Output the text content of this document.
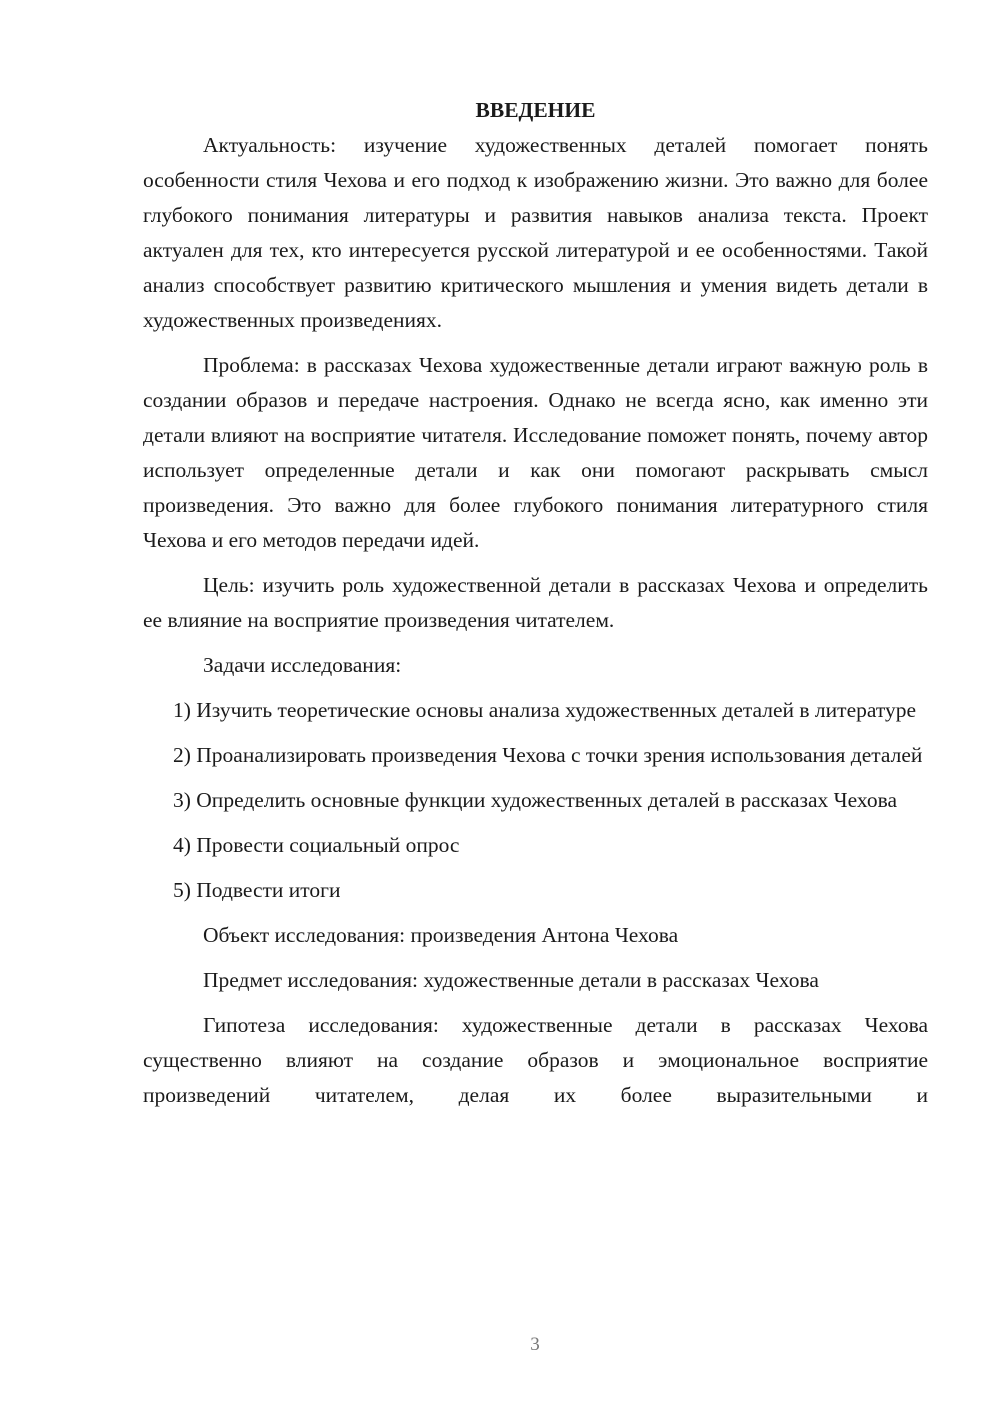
ВВЕДЕНИЕ

Актуальность: изучение художественных деталей помогает понять особенности стиля Чехова и его подход к изображению жизни. Это важно для более глубокого понимания литературы и развития навыков анализа текста. Проект актуален для тех, кто интересуется русской литературой и ее особенностями. Такой анализ способствует развитию критического мышления и умения видеть детали в художественных произведениях.

Проблема: в рассказах Чехова художественные детали играют важную роль в создании образов и передаче настроения. Однако не всегда ясно, как именно эти детали влияют на восприятие читателя. Исследование поможет понять, почему автор использует определенные детали и как они помогают раскрывать смысл произведения. Это важно для более глубокого понимания литературного стиля Чехова и его методов передачи идей.

Цель: изучить роль художественной детали в рассказах Чехова и определить ее влияние на восприятие произведения читателем.

Задачи исследования:

1) Изучить теоретические основы анализа художественных деталей в литературе

2) Проанализировать произведения Чехова с точки зрения использования деталей

3) Определить основные функции художественных деталей в рассказах Чехова

4) Провести социальный опрос

5) Подвести итоги

Объект исследования: произведения Антона Чехова

Предмет исследования: художественные детали в рассказах Чехова

Гипотеза исследования: художественные детали в рассказах Чехова существенно влияют на создание образов и эмоциональное восприятие произведений читателем, делая их более выразительными и

3
